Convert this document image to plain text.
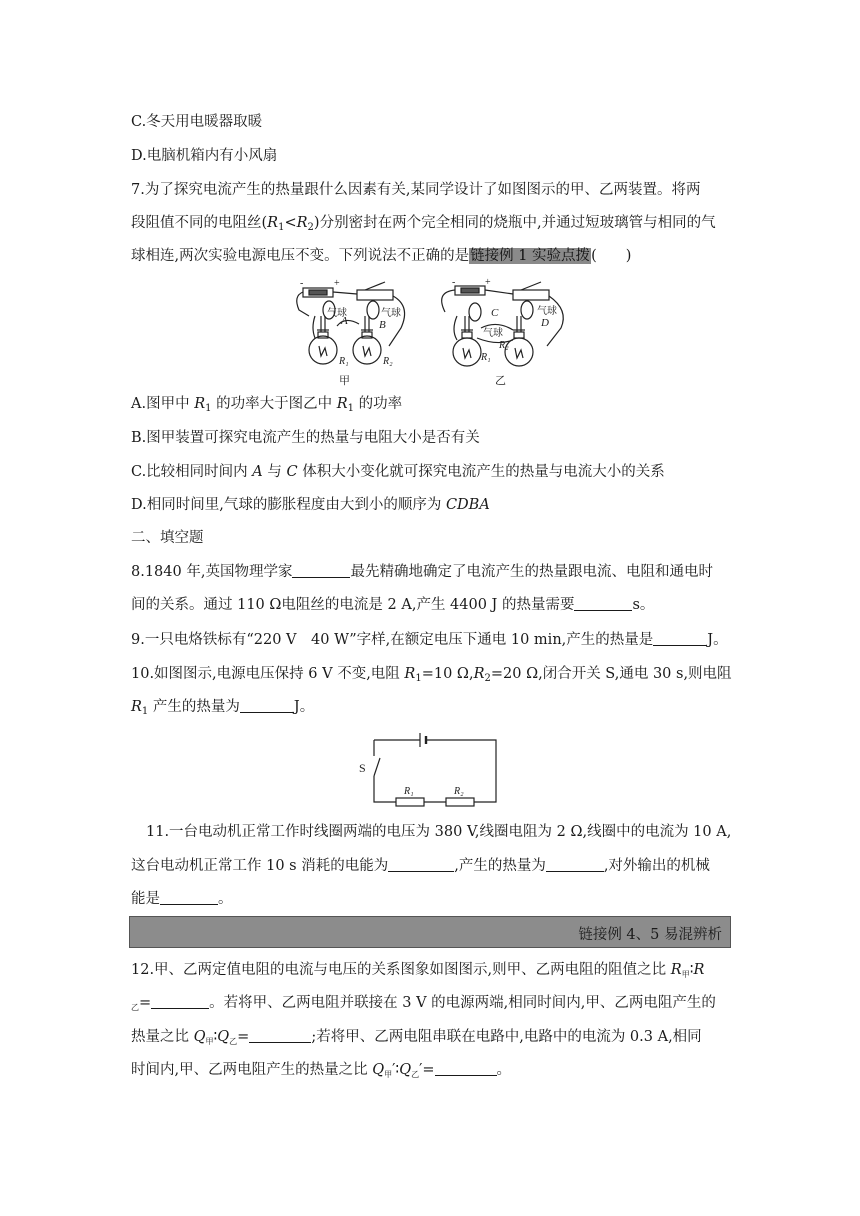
C.冬天用电暖器取暖
D.电脑机箱内有小风扇
7.为了探究电流产生的热量跟什么因素有关,某同学设计了如图图示的甲、乙两装置。将两
段阻值不同的电阻丝$(R_1<R_2)$分别密封在两个完全相同的烧瓶中,并通过短玻璃管与相同的气
球相连,两次实验电源电压不变。下列说法不正确的是链接例 1 实验点拨(　　)
-	+	-	+
气球
A
气球
B
R₁	R₂
甲
C
气球
气球
D
R₁
R₂
乙
A.图甲中 $R_1$ 的功率大于图乙中 $R_1$ 的功率
B.图甲装置可探究电流产生的热量与电阻大小是否有关
C.比较相同时间内 A 与 C 体积大小变化就可探究电流产生的热量与电流大小的关系
D.相同时间里,气球的膨胀程度由大到小的顺序为 CDBA
二、填空题
8.1840 年,英国物理学家	最先精确地确定了电流产生的热量跟电流、电阻和通电时
间的关系。通过 110 Ω电阻丝的电流是 2 A,产生 4400 J 的热量需要	s。
9.一只电烙铁标有“220 V　40 W”字样,在额定电压下通电 10 min,产生的热量是	J。
10.如图图示,电源电压保持 6 V 不变,电阻 $R_1=10$ $\Omega,R_2=20$ Ω,闭合开关 S,通电 30 s,则电阻
$R_1$ 产生的热量为	J。
S
R₁	R₂
11.一台电动机正常工作时线圈两端的电压为 380 V,线圈电阻为 2 Ω,线圈中的电流为 10 A,
这台电动机正常工作 10 s 消耗的电能为	,产生的热量为	,对外输出的机械
能是	。
链接例 4、5 易混辨析
12.甲、乙两定值电阻的电流与电压的关系图象如图图示,则甲、乙两电阻的阻值之比 $R_甲∶R$
$_乙$=	。若将甲、乙两电阻并联接在 3 V 的电源两端,相同时间内,甲、乙两电阻产生的
热量之比 $Q_甲∶Q_乙=$	;若将甲、乙两电阻串联在电路中,电路中的电流为 0.3 A,相同
时间内,甲、乙两电阻产生的热量之比 $Q_甲'∶Q_乙'=$	。
